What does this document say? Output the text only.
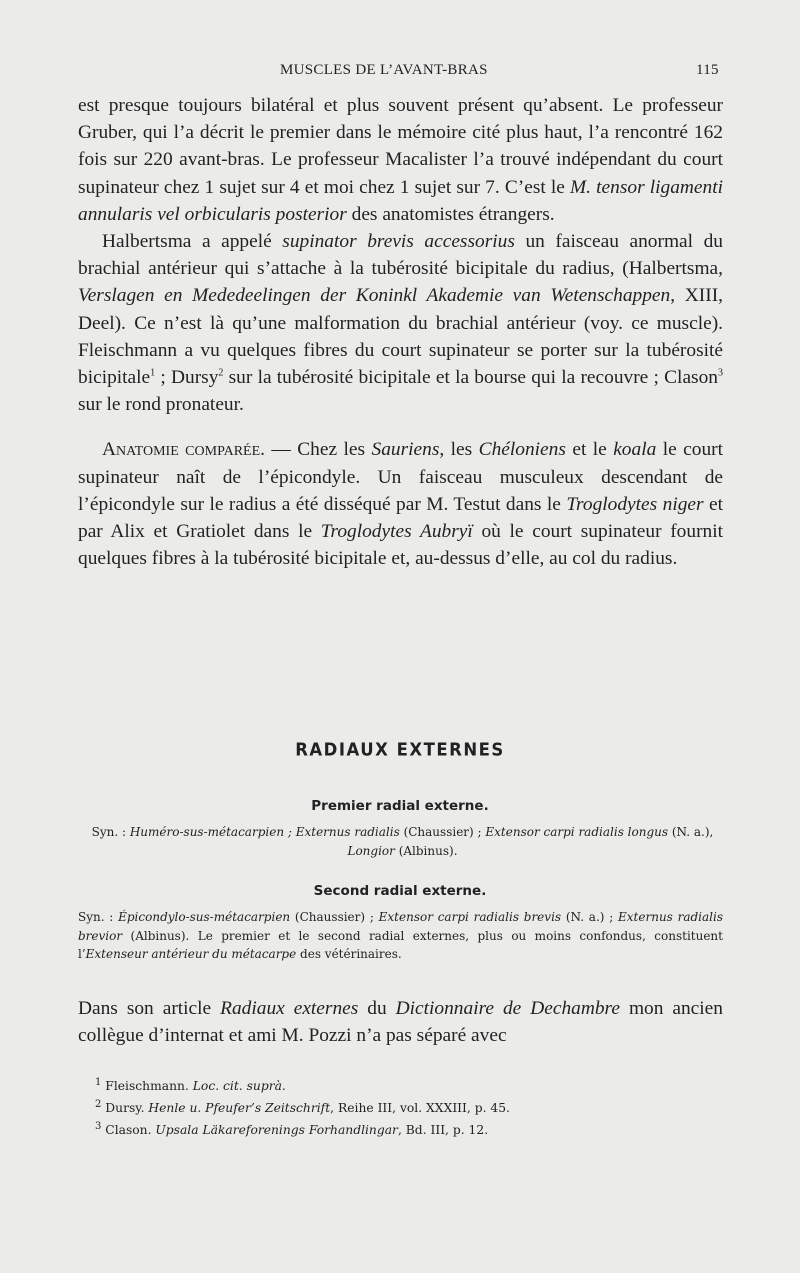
MUSCLES DE L’AVANT-BRAS	115

est presque toujours bilatéral et plus souvent présent qu’absent. Le professeur Gruber, qui l’a décrit le premier dans le mémoire cité plus haut, l’a rencontré 162 fois sur 220 avant-bras. Le professeur Macalister l’a trouvé indépendant du court supinateur chez 1 sujet sur 4 et moi chez 1 sujet sur 7. C’est le M. tensor ligamenti annularis vel orbicularis posterior des anatomistes étrangers.

Halbertsma a appelé supinator brevis accessorius un faisceau anormal du brachial antérieur qui s’attache à la tubérosité bicipitale du radius, (Halbertsma, Verslagen en Mededeelingen der Koninkl Akademie van Wetenschappen, XIII, Deel). Ce n’est là qu’une malformation du brachial antérieur (voy. ce muscle). Fleischmann a vu quelques fibres du court supinateur se porter sur la tubérosité bicipitale$^1$ ; Dursy$^2$ sur la tubérosité bicipitale et la bourse qui la recouvre ; Clason$^3$ sur le rond pronateur.

Anatomie comparée. — Chez les Sauriens, les Chéloniens et le koala le court supinateur naît de l’épicondyle. Un faisceau musculeux descendant de l’épicondyle sur le radius a été disséqué par M. Testut dans le Troglodytes niger et par Alix et Gratiolet dans le Troglodytes Aubryï où le court supinateur fournit quelques fibres à la tubérosité bicipitale et, au-dessus d’elle, au col du radius.

RADIAUX EXTERNES
Premier radial externe.
Syn. : Huméro-sus-métacarpien ; Externus radialis (Chaussier) ; Extensor carpi radialis longus (N. a.), Longior (Albinus).
Second radial externe.
Syn. : Épicondylo-sus-métacarpien (Chaussier) ; Extensor carpi radialis brevis (N. a.) ; Externus radialis brevior (Albinus). Le premier et le second radial externes, plus ou moins confondus, constituent l’Extenseur antérieur du métacarpe des vétérinaires.

Dans son article Radiaux externes du Dictionnaire de Dechambre mon ancien collègue d’internat et ami M. Pozzi n’a pas séparé avec

$^1$ Fleischmann. Loc. cit. suprà.
$^2$ Dursy. Henle u. Pfeufer’s Zeitschrift, Reihe III, vol. XXXIII, p. 45.
$^3$ Clason. Upsala Läkareforenings Forhandlingar, Bd. III, p. 12.
